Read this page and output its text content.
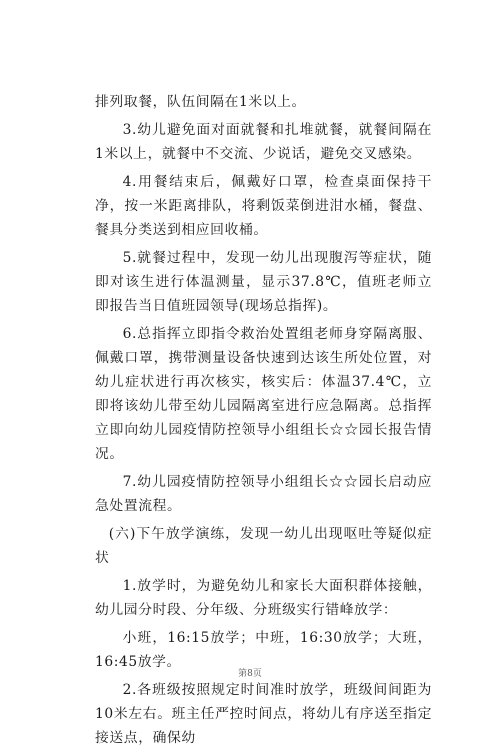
排列取餐，队伍间隔在1米以上。

3.幼儿避免面对面就餐和扎堆就餐，就餐间隔在1米以上，就餐中不交流、少说话，避免交叉感染。

4.用餐结束后，佩戴好口罩，检查桌面保持干净，按一米距离排队，将剩饭菜倒进泔水桶，餐盘、餐具分类送到相应回收桶。

5.就餐过程中，发现一幼儿出现腹泻等症状，随即对该生进行体温测量，显示37.8℃，值班老师立即报告当日值班园领导(现场总指挥)。

6.总指挥立即指令救治处置组老师身穿隔离服、佩戴口罩，携带测量设备快速到达该生所处位置，对幼儿症状进行再次核实，核实后：体温37.4℃，立即将该幼儿带至幼儿园隔离室进行应急隔离。总指挥立即向幼儿园疫情防控领导小组组长☆☆园长报告情况。

7.幼儿园疫情防控领导小组组长☆☆园长启动应急处置流程。

(六)下午放学演练，发现一幼儿出现呕吐等疑似症状

1.放学时，为避免幼儿和家长大面积群体接触，幼儿园分时段、分年级、分班级实行错峰放学：

小班，16:15放学；中班，16:30放学；大班，16:45放学。

2.各班级按照规定时间准时放学，班级间间距为10米左右。班主任严控时间点，将幼儿有序送至指定接送点，确保幼

第8页
